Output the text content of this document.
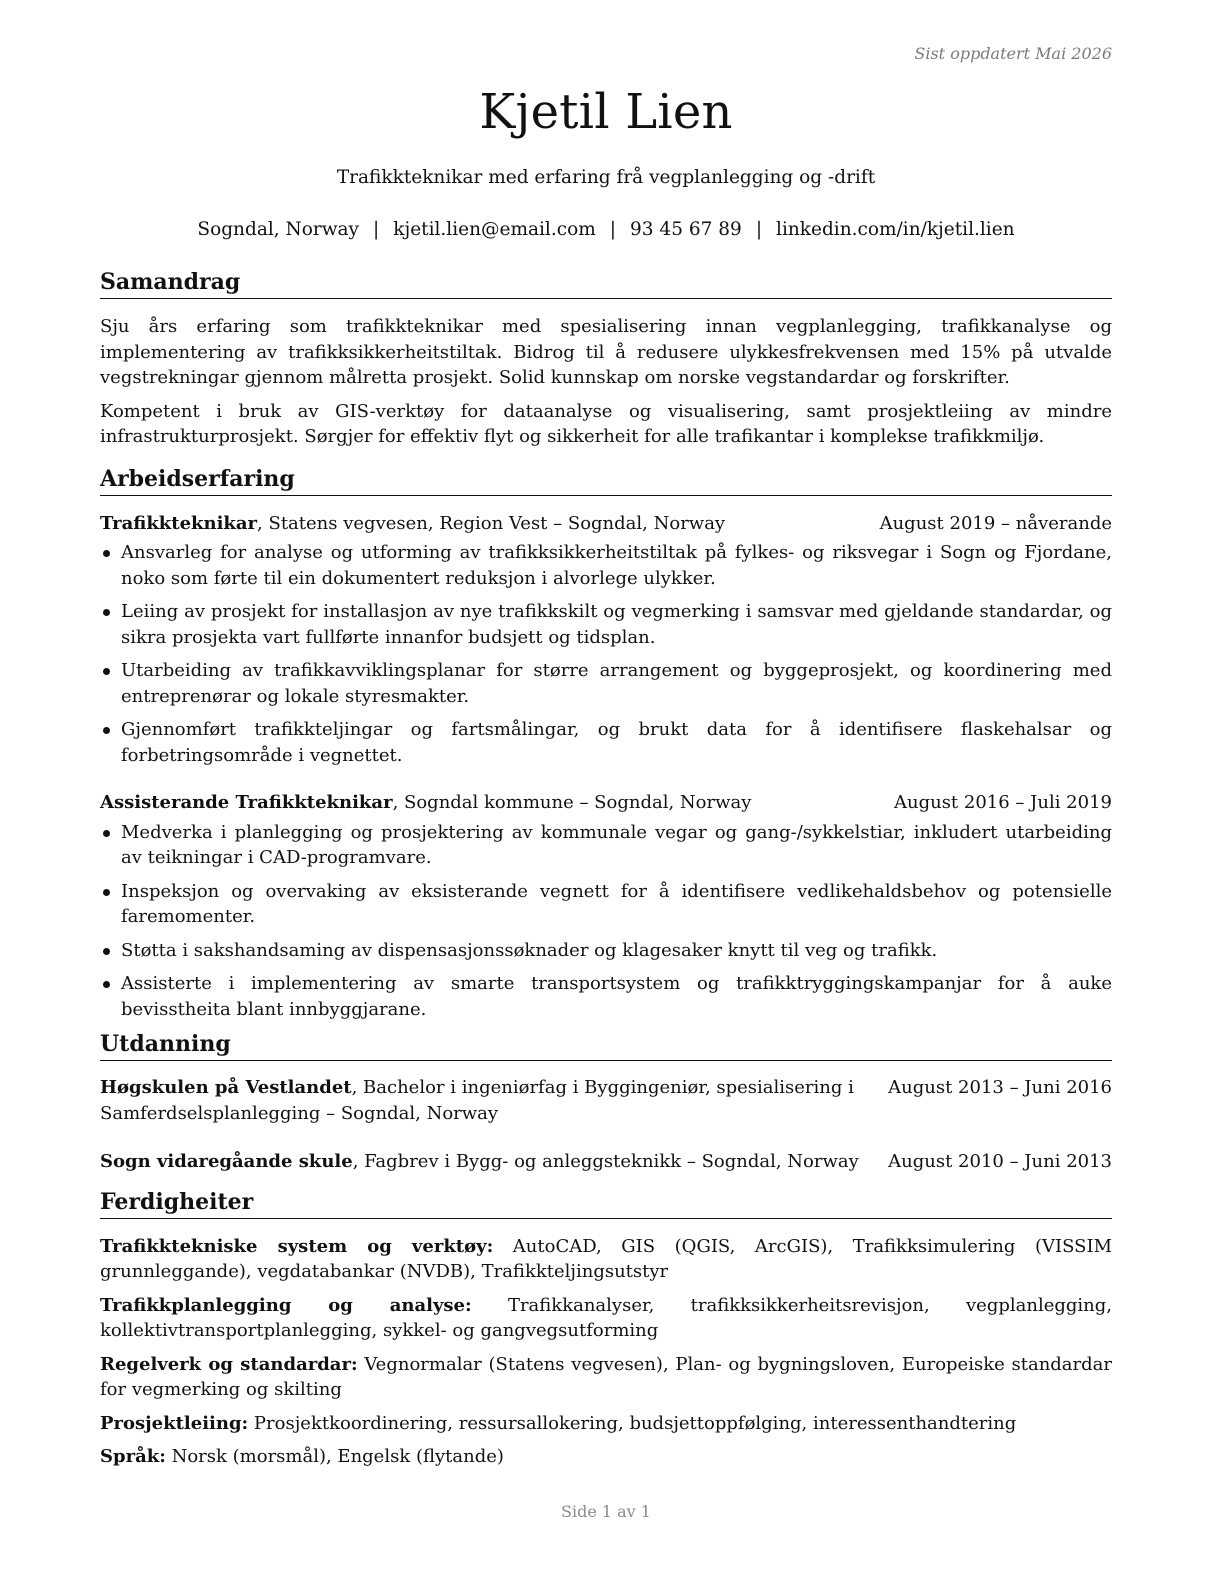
Sist oppdatert Mai 2026
Kjetil Lien
Trafikkteknikar med erfaring frå vegplanlegging og -drift
Sogndal, Norway | kjetil.lien@email.com | 93 45 67 89 | linkedin.com/in/kjetil.lien
Samandrag

Sju års erfaring som trafikkteknikar med spesialisering innan vegplanlegging, trafikkanalyse og implementering av trafikksikkerheitstiltak. Bidrog til å redusere ulykkesfrekvensen med 15% på utvalde vegstrekningar gjennom målretta prosjekt. Solid kunnskap om norske vegstandardar og forskrifter.

Kompetent i bruk av GIS-verktøy for dataanalyse og visualisering, samt prosjektleiing av mindre infrastrukturprosjekt. Sørgjer for effektiv flyt og sikkerheit for alle trafikantar i komplekse trafikkmiljø.

Arbeidserfaring
Trafikkteknikar, Statens vegvesen, Region Vest – Sogndal, Norway	August 2019 – nåverande
Ansvarleg for analyse og utforming av trafikksikkerheitstiltak på fylkes- og riksvegar i Sogn og Fjordane, noko som førte til ein dokumentert reduksjon i alvorlege ulykker.
Leiing av prosjekt for installasjon av nye trafikkskilt og vegmerking i samsvar med gjeldande standardar, og sikra prosjekta vart fullførte innanfor budsjett og tidsplan.
Utarbeiding av trafikkavviklingsplanar for større arrangement og byggeprosjekt, og koordinering med entreprenørar og lokale styresmakter.
Gjennomført trafikkteljingar og fartsmålingar, og brukt data for å identifisere flaskehalsar og forbetringsområde i vegnettet.
Assisterande Trafikkteknikar, Sogndal kommune – Sogndal, Norway	August 2016 – Juli 2019
Medverka i planlegging og prosjektering av kommunale vegar og gang-/sykkelstiar, inkludert utarbeiding av teikningar i CAD-programvare.
Inspeksjon og overvaking av eksisterande vegnett for å identifisere vedlikehaldsbehov og potensielle faremomenter.
Støtta i sakshandsaming av dispensasjonssøknader og klagesaker knytt til veg og trafikk.
Assisterte i implementering av smarte transportsystem og trafikktryggingskampanjar for å auke bevisstheita blant innbyggjarane.
Utdanning
Høgskulen på Vestlandet, Bachelor i ingeniørfag i Byggingeniør, spesialisering i Samferdselsplanlegging – Sogndal, Norway
August 2013 – Juni 2016
Sogn vidaregåande skule, Fagbrev i Bygg- og anleggsteknikk – Sogndal, Norway	August 2010 – Juni 2013
Ferdigheiter

Trafikktekniske system og verktøy: AutoCAD, GIS (QGIS, ArcGIS), Trafikksimulering (VISSIM grunnleggande), vegdatabankar (NVDB), Trafikkteljingsutstyr

Trafikkplanlegging og analyse: Trafikkanalyser, trafikksikkerheitsrevisjon, vegplanlegging, kollektivtransportplanlegging, sykkel- og gangvegsutforming

Regelverk og standardar: Vegnormalar (Statens vegvesen), Plan- og bygningsloven, Europeiske standardar for vegmerking og skilting

Prosjektleiing: Prosjektkoordinering, ressursallokering, budsjettoppfølging, interessenthandtering

Språk: Norsk (morsmål), Engelsk (flytande)

Side 1 av 1
